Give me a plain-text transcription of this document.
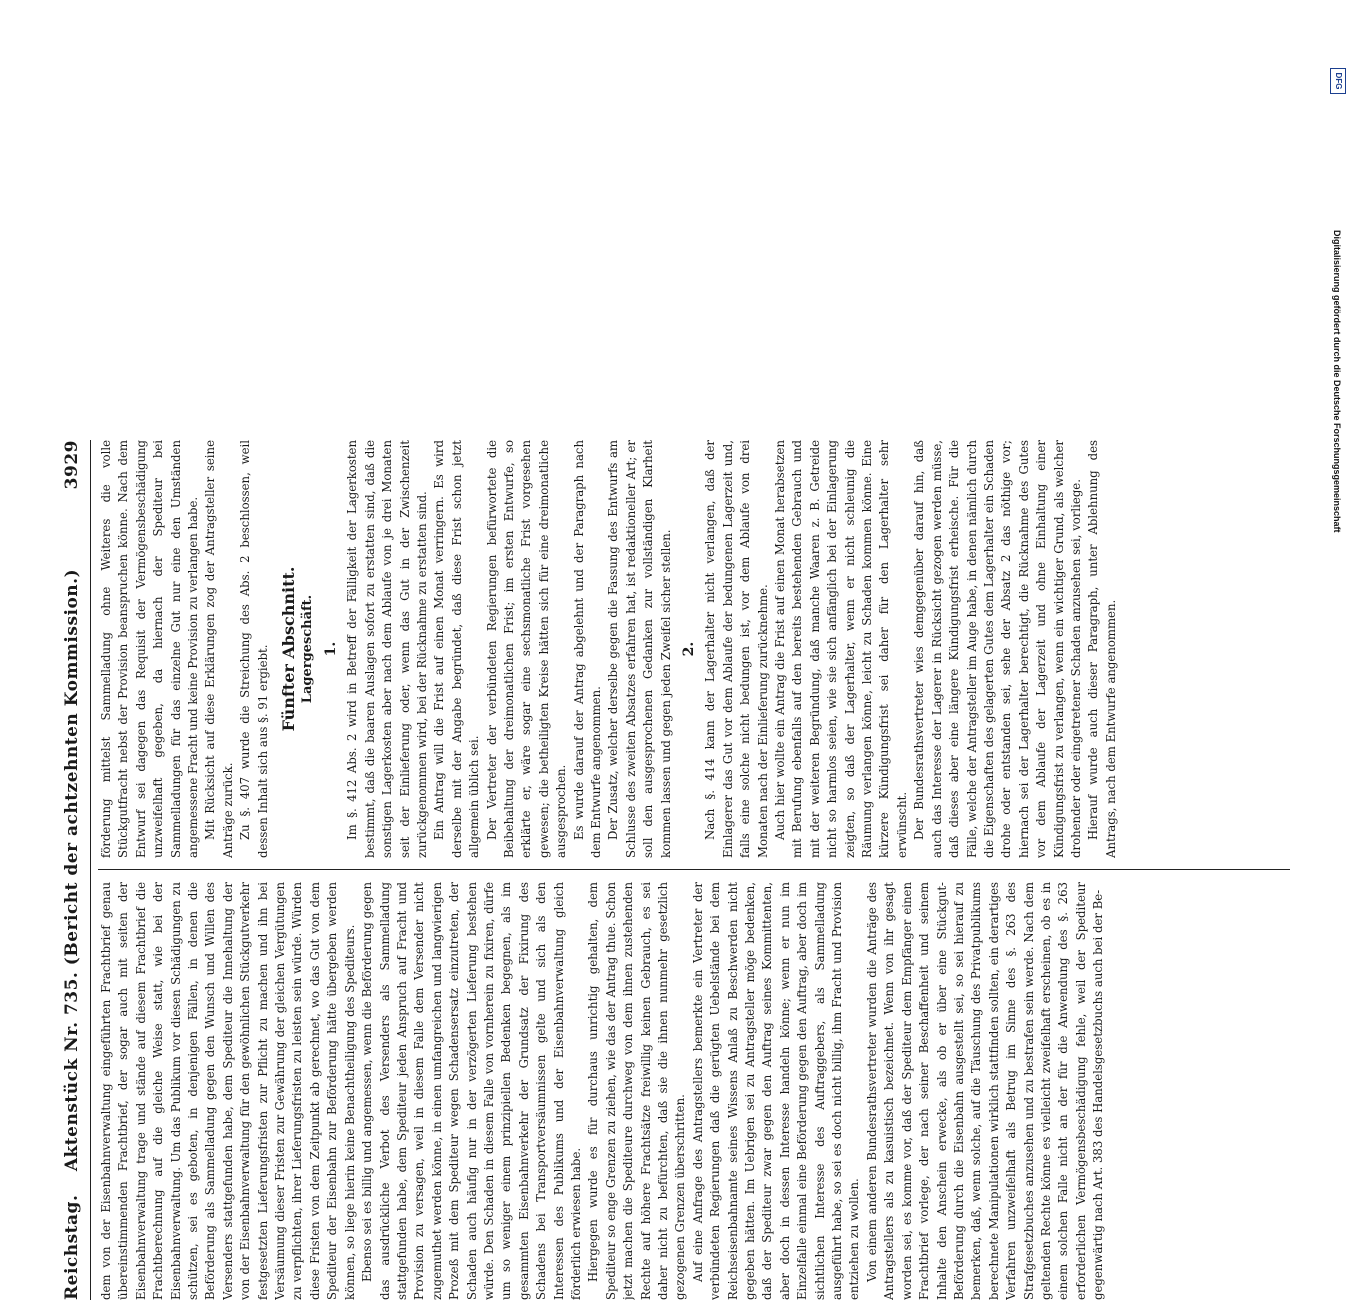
Reichstag.
Aktenstück Nr. 735. (Bericht der achtzehnten Kommission.)
3929

dem von der Eisenbahnverwaltung eingeführten Frachtbrief genau übereinstimmenden Frachtbrief, der sogar auch mit seiten der Eisenbahnverwaltung trage und stände auf diesem Frachtbrief die Frachtberechnung auf die gleiche Weise statt, wie bei der Eisenbahnverwaltung. Um das Publikum vor diesen Schädigungen zu schützen, sei es geboten, in denjenigen Fällen, in denen die Beförderung als Sammelladung gegen den Wunsch und Willen des Versenders stattgefunden habe, dem Spediteur die Innehaltung der von der Eisenbahnverwaltung für den gewöhnlichen Stückgutverkehr festgesetzten Lieferungsfristen zur Pflicht zu machen und ihn bei Versäumung dieser Fristen zur Gewährung der gleichen Vergütungen zu verpflichten, ihrer Lieferungsfristen zu leisten sein würde. Würden diese Fristen von dem Zeitpunkt ab gerechnet, wo das Gut von dem Spediteur der Eisenbahn zur Beförderung hätte übergeben werden können, so liege hierin keine Benachtheiligung des Spediteurs. Ebenso sei es billig und angemessen, wenn die Beförderung gegen das ausdrückliche Verbot des Versenders als Sammelladung stattgefunden habe, dem Spediteur jeden Anspruch auf Fracht und Provision zu versagen, weil in diesem Falle dem Versender nicht zugemuthet werden könne, in einen umfangreichen und langwierigen Prozeß mit dem Spediteur wegen Schadensersatz einzutreten, der Schaden auch häufig nur in der verzögerten Lieferung bestehen würde. Den Schaden in diesem Falle von vornherein zu fixiren, dürfe um so weniger einem prinzipiellen Bedenken begegnen, als im gesammten Eisenbahnverkehr der Grundsatz der Fixirung des Schadens bei Transportversäumnissen gelte und sich als den Interessen des Publikums und der Eisenbahnverwaltung gleich förderlich erwiesen habe. Hiergegen wurde es für durchaus unrichtig gehalten, dem Spediteur so enge Grenzen zu ziehen, wie das der Antrag thue. Schon jetzt machen die Spediteure durchweg von dem ihnen zustehenden Rechte auf höhere Frachtsätze freiwillig keinen Gebrauch, es sei daher nicht zu befürchten, daß sie die ihnen nunmehr gesetzlich gezogenen Grenzen überschritten. Auf eine Anfrage des Antragstellers bemerkte ein Vertreter der verbündeten Regierungen daß die gerügten Uebelstände bei dem Reichseisenbahnamte seines Wissens Anlaß zu Beschwerden nicht gegeben hätten. Im Uebrigen sei zu Antragsteller möge bedenken, daß der Spediteur zwar gegen den Auftrag seines Kommittenten, aber doch in dessen Interesse handeln könne; wenn er nun im Einzelfalle einmal eine Beförderung gegen den Auftrag, aber doch im sichtlichen Interesse des Auftraggebers, als Sammelladung ausgeführt habe, so sei es doch nicht billig, ihm Fracht und Provision entziehen zu wollen. Von einem anderen Bundesrathsvertreter wurden die Anträge des Antragstellers als zu kasuistisch bezeichnet. Wenn von ihr gesagt worden sei, es komme vor, daß der Spediteur dem Empfänger einen Frachtbrief vorlege, der nach seiner Beschaffenheit und seinem Inhalte den Anschein erwecke, als ob er über eine Stückgut-Beförderung durch die Eisenbahn ausgestellt sei, so sei hierauf zu bemerken, daß, wenn solche, auf die Täuschung des Privatpublikums berechnete Manipulationen wirklich stattfinden sollten, ein derartiges Verfahren unzweifelhaft als Betrug im Sinne des §. 263 des Strafgesetzbuches anzusehen und zu bestrafen sein werde. Nach dem geltenden Rechte könne es vielleicht zweifelhaft erscheinen, ob es in einem solchen Falle nicht an der für die Anwendung des §. 263 erforderlichen Vermögensbeschädigung fehle, weil der Spediteur gegenwärtig nach Art. 383 des Handelsgesetzbuchs auch bei der Be-

förderung mittelst Sammelladung ohne Weiteres die volle Stückgutfracht nebst der Provision beanspruchen könne. Nach dem Entwurf sei dagegen das Requisit der Vermögensbeschädigung unzweifelhaft gegeben, da hiernach der Spediteur bei Sammelladungen für das einzelne Gut nur eine den Umständen angemessene Fracht und keine Provision zu verlangen habe. Mit Rücksicht auf diese Erklärungen zog der Antragsteller seine Anträge zurück. Zu §. 407 wurde die Streichung des Abs. 2 beschlossen, weil dessen Inhalt sich aus §. 91 ergiebt. Fünfter Abschnitt. Lagergeschäft. 1. Im §. 412 Abs. 2 wird in Betreff der Fälligkeit der Lagerkosten bestimmt, daß die baaren Auslagen sofort zu erstatten sind, daß die sonstigen Lagerkosten aber nach dem Ablaufe von je drei Monaten seit der Einlieferung oder, wenn das Gut in der Zwischenzeit zurückgenommen wird, bei der Rücknahme zu erstatten sind. Ein Antrag will die Frist auf einen Monat verringern. Es wird derselbe mit der Angabe begründet, daß diese Frist schon jetzt allgemein üblich sei. Der Vertreter der verbündeten Regierungen befürwortete die Beibehaltung der dreimonatlichen Frist; im ersten Entwurfe, so erklärte er, wäre sogar eine sechsmonatliche Frist vorgesehen gewesen; die betheiligten Kreise hätten sich für eine dreimonatliche ausgesprochen. Es wurde darauf der Antrag abgelehnt und der Paragraph nach dem Entwurfe angenommen. Der Zusatz, welcher derselbe gegen die Fassung des Entwurfs am Schlusse des zweiten Absatzes erfahren hat, ist redaktioneller Art; er soll den ausgesprochenen Gedanken zur vollständigen Klarheit kommen lassen und gegen jeden Zweifel sicher stellen. 2. Nach §. 414 kann der Lagerhalter nicht verlangen, daß der Einlagerer das Gut vor dem Ablaufe der bedungenen Lagerzeit und, falls eine solche nicht bedungen ist, vor dem Ablaufe von drei Monaten nach der Einlieferung zurücknehme. Auch hier wollte ein Antrag die Frist auf einen Monat herabsetzen mit Berufung ebenfalls auf den bereits bestehenden Gebrauch und mit der weiteren Begründung, daß manche Waaren z. B. Getreide nicht so harmlos seien, wie sie sich anfänglich bei der Einlagerung zeigten, so daß der Lagerhalter, wenn er nicht schleunig die Räumung verlangen könne, leicht zu Schaden kommen könne. Eine kürzere Kündigungsfrist sei daher für den Lagerhalter sehr erwünscht. Der Bundesrathsvertreter wies demgegenüber darauf hin, daß auch das Interesse der Lagerer in Rücksicht gezogen werden müsse, daß dieses aber eine längere Kündigungsfrist erheische. Für die Fälle, welche der Antragsteller im Auge habe, in denen nämlich durch die Eigenschaften des gelagerten Gutes dem Lagerhalter ein Schaden drohe oder entstanden sei, sehe der Absatz 2 das nöthige vor; hiernach sei der Lagerhalter berechtigt, die Rücknahme des Gutes vor dem Ablaufe der Lagerzeit und ohne Einhaltung einer Kündigungsfrist zu verlangen, wenn ein wichtiger Grund, als welcher drohender oder eingetretener Schaden anzusehen sei, vorliege. Hierauf wurde auch dieser Paragraph, unter Ablehnung des Antrags, nach dem Entwurfe angenommen.

DFG
Digitalisierung gefördert durch die Deutsche Forschungsgemeinschaft
